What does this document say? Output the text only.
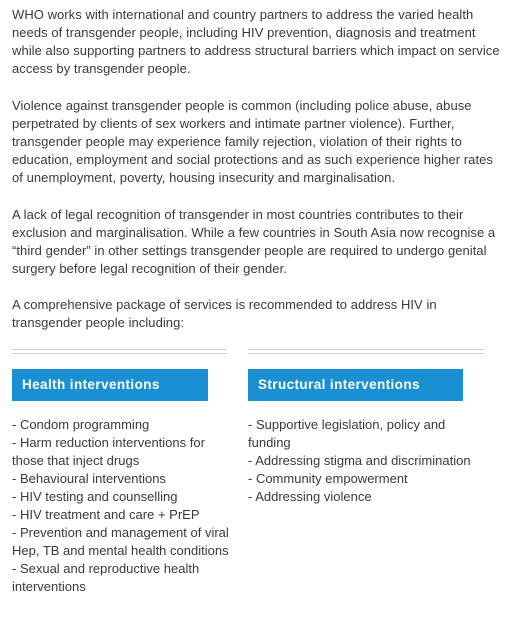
WHO works with international and country partners to address the varied health needs of transgender people, including HIV prevention, diagnosis and treatment while also supporting partners to address structural barriers which impact on service access by transgender people.

Violence against transgender people is common (including police abuse, abuse perpetrated by clients of sex workers and intimate partner violence). Further, transgender people may experience family rejection, violation of their rights to education, employment and social protections and as such experience higher rates of unemployment, poverty, housing insecurity and marginalisation.

A lack of legal recognition of transgender in most countries contributes to their exclusion and marginalisation. While a few countries in South Asia now recognise a “third gender” in other settings transgender people are required to undergo genital surgery before legal recognition of their gender.

A comprehensive package of services is recommended to address HIV in transgender people including:

Health interventions	Structural interventions
- Condom programming
- Harm reduction interventions for those that inject drugs
- Behavioural interventions
- HIV testing and counselling
- HIV treatment and care + PrEP
- Prevention and management of viral Hep, TB and mental health conditions
- Sexual and reproductive health interventions
- Supportive legislation, policy and funding
- Addressing stigma and discrimination
- Community empowerment
- Addressing violence
